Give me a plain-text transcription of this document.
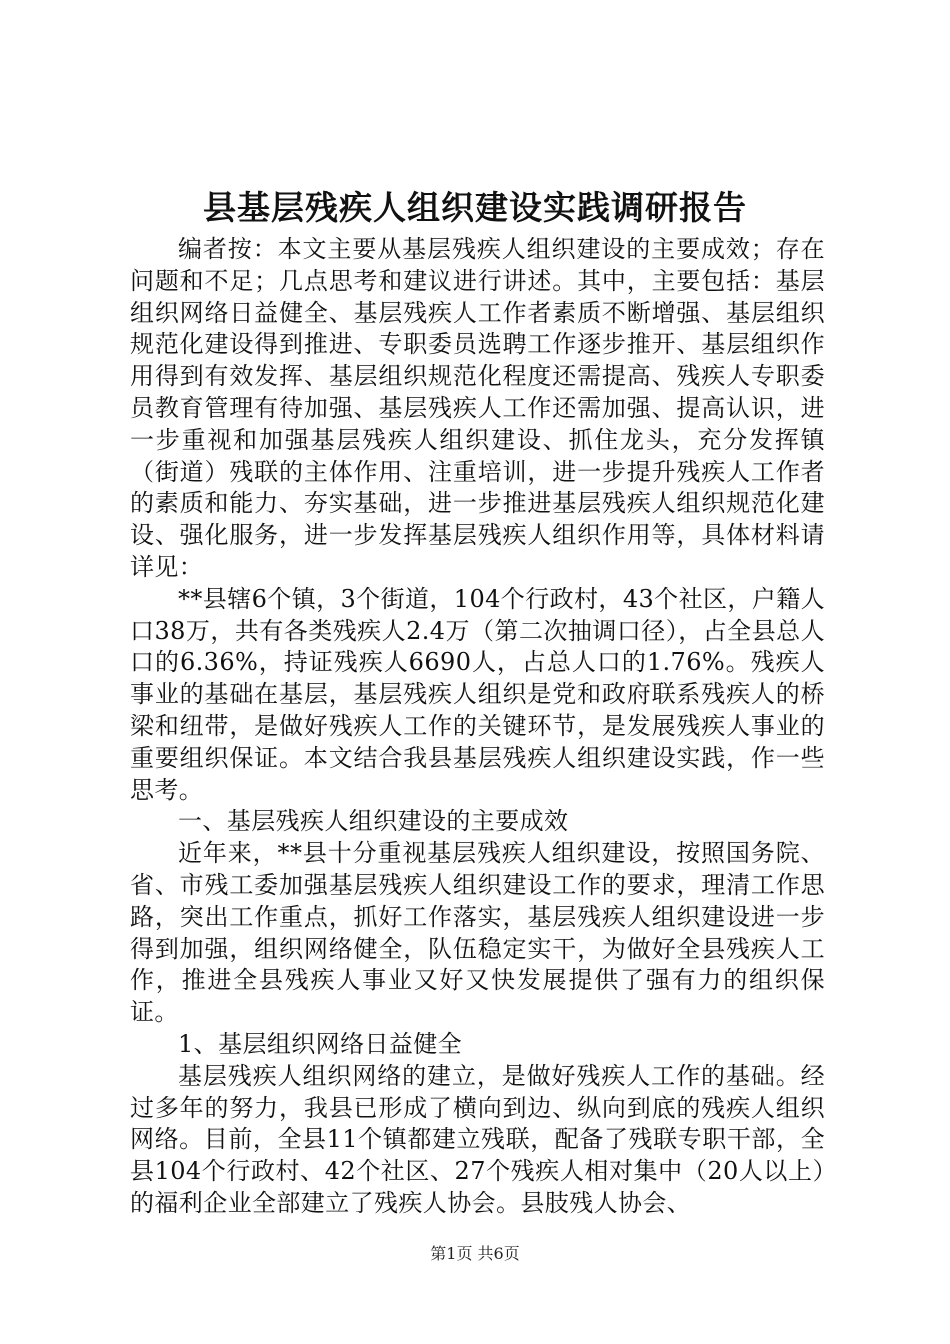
县基层残疾人组织建设实践调研报告

编者按：本文主要从基层残疾人组织建设的主要成效；存在问题和不足；几点思考和建议进行讲述。其中，主要包括：基层组织网络日益健全、基层残疾人工作者素质不断增强、基层组织规范化建设得到推进、专职委员选聘工作逐步推开、基层组织作用得到有效发挥、基层组织规范化程度还需提高、残疾人专职委员教育管理有待加强、基层残疾人工作还需加强、提高认识，进一步重视和加强基层残疾人组织建设、抓住龙头，充分发挥镇（街道）残联的主体作用、注重培训，进一步提升残疾人工作者的素质和能力、夯实基础，进一步推进基层残疾人组织规范化建设、强化服务，进一步发挥基层残疾人组织作用等，具体材料请详见：

**县辖6个镇，3个街道，104个行政村，43个社区，户籍人口38万，共有各类残疾人2.4万（第二次抽调口径），占全县总人口的6.36%，持证残疾人6690人，占总人口的1.76%。残疾人事业的基础在基层，基层残疾人组织是党和政府联系残疾人的桥梁和纽带，是做好残疾人工作的关键环节，是发展残疾人事业的重要组织保证。本文结合我县基层残疾人组织建设实践，作一些思考。

一、基层残疾人组织建设的主要成效

近年来，**县十分重视基层残疾人组织建设，按照国务院、省、市残工委加强基层残疾人组织建设工作的要求，理清工作思路，突出工作重点，抓好工作落实，基层残疾人组织建设进一步得到加强，组织网络健全，队伍稳定实干，为做好全县残疾人工作，推进全县残疾人事业又好又快发展提供了强有力的组织保证。

1、基层组织网络日益健全

基层残疾人组织网络的建立，是做好残疾人工作的基础。经过多年的努力，我县已形成了横向到边、纵向到底的残疾人组织网络。目前，全县11个镇都建立残联，配备了残联专职干部，全县104个行政村、42个社区、27个残疾人相对集中（20人以上）的福利企业全部建立了残疾人协会。县肢残人协会、

第1页 共6页
